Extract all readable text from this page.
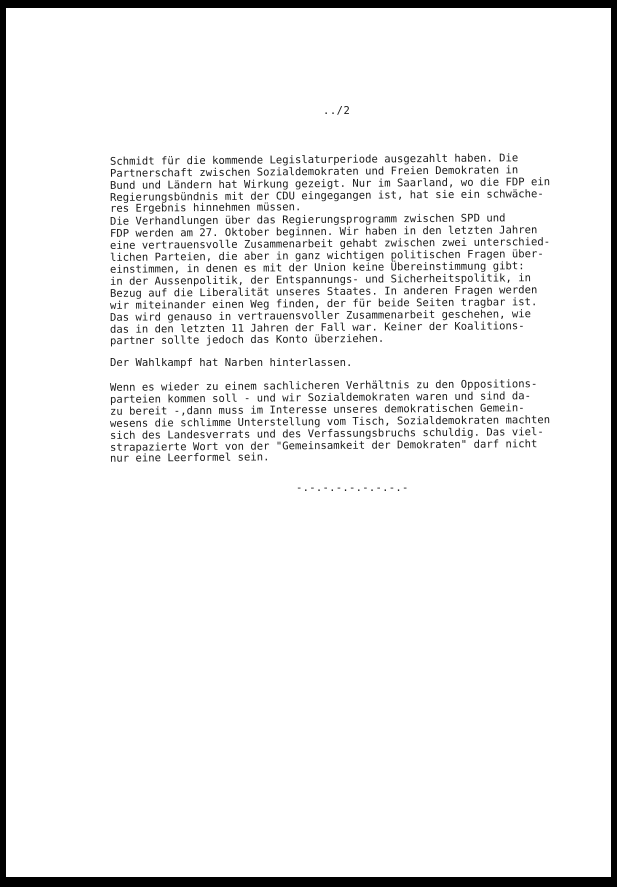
../2
Schmidt für die kommende Legislaturperiode ausgezahlt haben. Die
Partnerschaft zwischen Sozialdemokraten und Freien Demokraten in
Bund und Ländern hat Wirkung gezeigt. Nur im Saarland, wo die FDP ein
Regierungsbündnis mit der CDU eingegangen ist, hat sie ein schwäche-
res Ergebnis hinnehmen müssen.
Die Verhandlungen über das Regierungsprogramm zwischen SPD und
FDP werden am 27. Oktober beginnen. Wir haben in den letzten Jahren
eine vertrauensvolle Zusammenarbeit gehabt zwischen zwei unterschied-
lichen Parteien, die aber in ganz wichtigen politischen Fragen über-
einstimmen, in denen es mit der Union keine Übereinstimmung gibt:
in der Aussenpolitik, der Entspannungs- und Sicherheitspolitik, in
Bezug auf die Liberalität unseres Staates. In anderen Fragen werden
wir miteinander einen Weg finden, der für beide Seiten tragbar ist.
Das wird genauso in vertrauensvoller Zusammenarbeit geschehen, wie
das in den letzten 11 Jahren der Fall war. Keiner der Koalitions-
partner sollte jedoch das Konto überziehen.
Der Wahlkampf hat Narben hinterlassen.
Wenn es wieder zu einem sachlicheren Verhältnis zu den Oppositions-
parteien kommen soll - und wir Sozialdemokraten waren und sind da-
zu bereit -,dann muss im Interesse unseres demokratischen Gemein-
wesens die schlimme Unterstellung vom Tisch, Sozialdemokraten machten
sich des Landesverrats und des Verfassungsbruchs schuldig. Das viel-
strapazierte Wort von der "Gemeinsamkeit der Demokraten" darf nicht
nur eine Leerformel sein.
-.-.-.-.-.-.-.-.-
